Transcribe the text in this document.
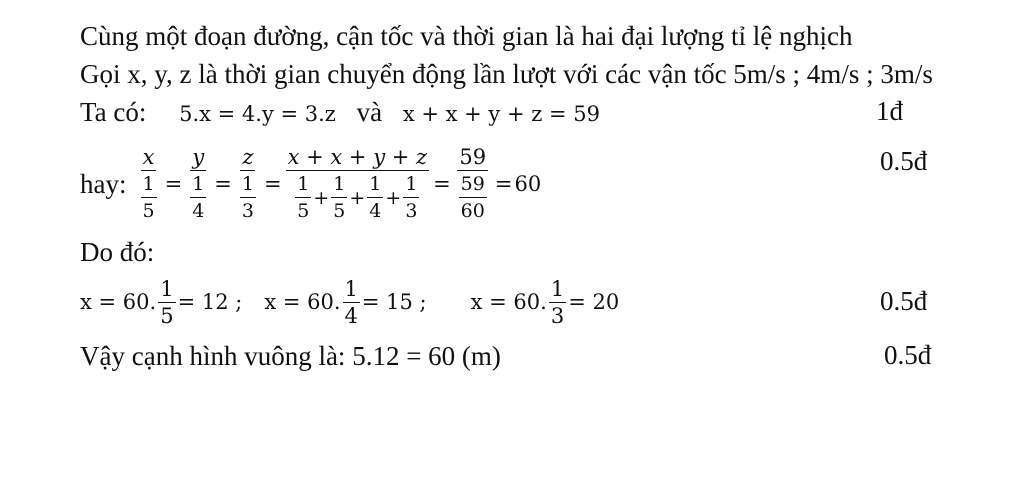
Cùng một đoạn đường, cận tốc và thời gian là hai đại lượng tỉ lệ nghịch
Gọi x, y, z là thời gian chuyển động lần lượt với các vận tốc 5m/s ; 4m/s ; 3m/s
Ta có: 5.x = 4.y = 3.z và x + x + y + z = 59	1đ
hay: $\frac{x}{\frac{1}{5}} = \frac{y}{\frac{1}{4}} = \frac{z}{\frac{1}{3}} = \frac{x + x + y + z}{\frac{1}{5} + \frac{1}{5} + \frac{1}{4} + \frac{1}{3}} = \frac{59}{\frac{59}{60}} = 60$
0.5đ
Do đó:
x = 60. $\frac{1}{5} = 12$ ; x = 60. $\frac{1}{4} = 15$ ; x = 60. $\frac{1}{3} = 20$	0.5đ
Vậy cạnh hình vuông là: 5.12 = 60 (m)	0.5đ
